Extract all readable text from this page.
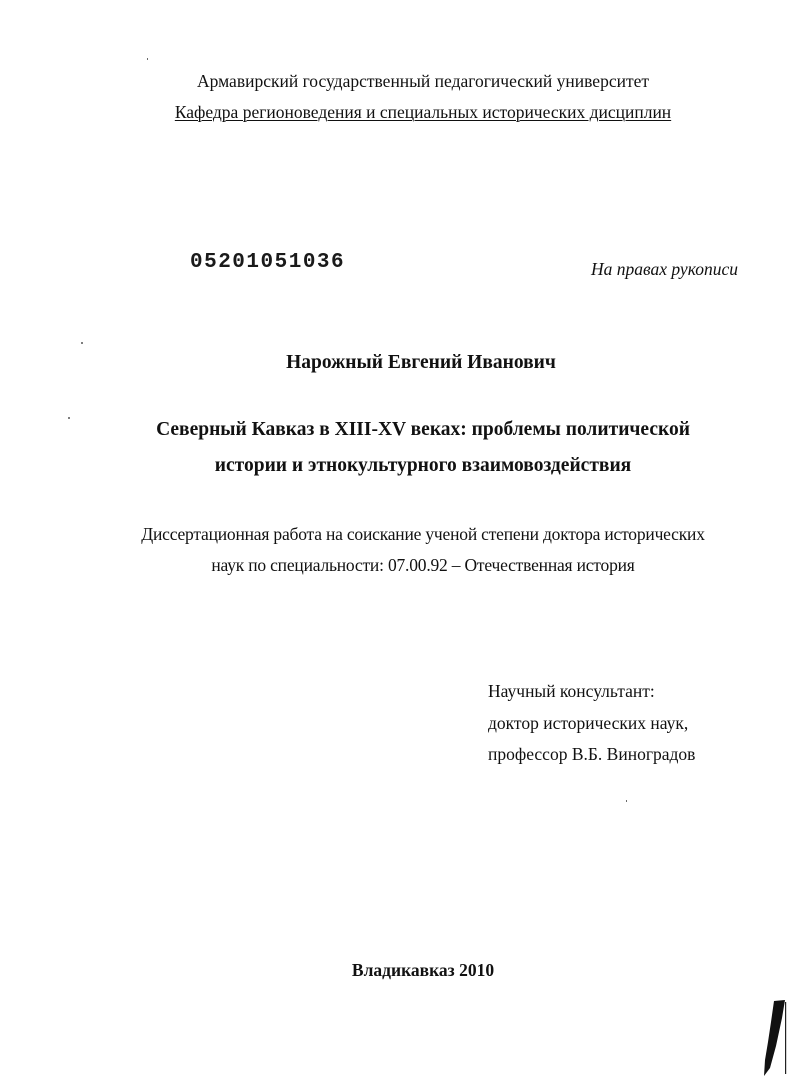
Армавирский государственный педагогический университет
Кафедра регионоведения и специальных исторических дисциплин
05201051036	На правах рукописи
Нарожный Евгений Иванович
Северный Кавказ в XIII-XV веках: проблемы политической
истории и этнокультурного взаимовоздействия
Диссертационная работа на соискание ученой степени доктора исторических
наук по специальности: 07.00.92 – Отечественная история
Научный консультант:
доктор исторических наук,
профессор В.Б. Виноградов
Владикавказ 2010
